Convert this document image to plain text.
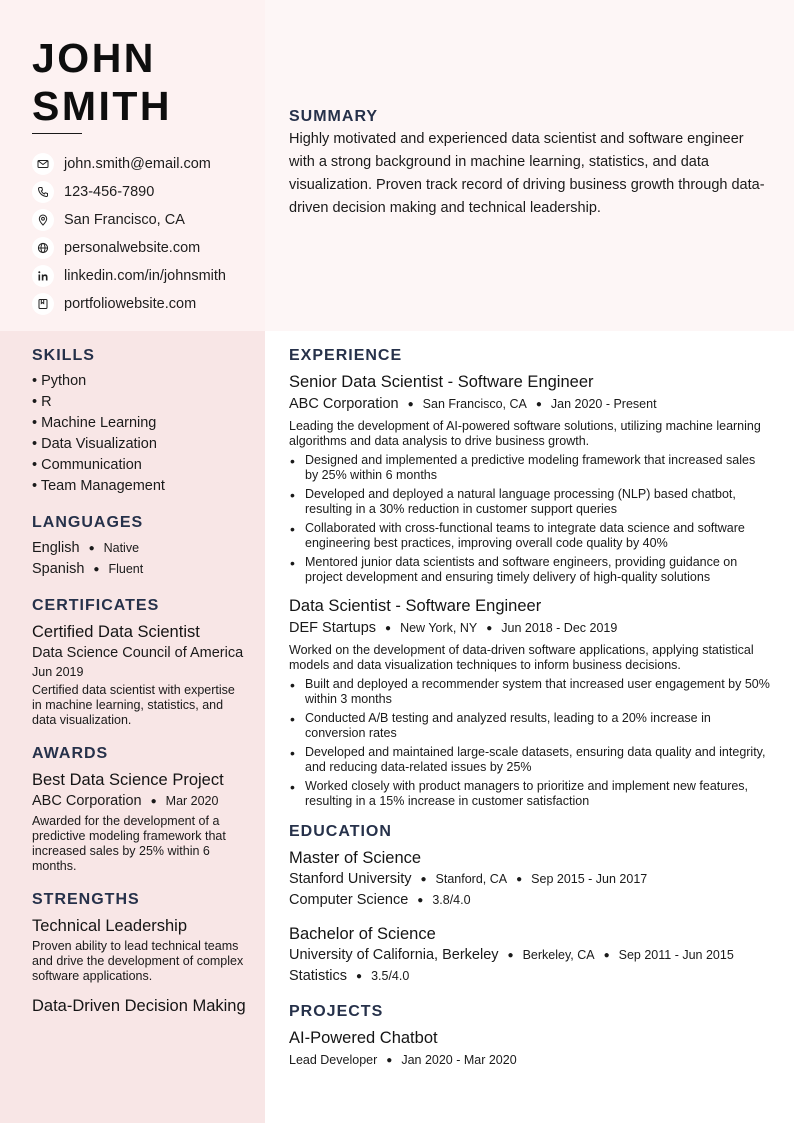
JOHN
SMITH
john.smith@email.com
123-456-7890
San Francisco, CA
personalwebsite.com
linkedin.com/in/johnsmith
portfoliowebsite.com
SUMMARY

Highly motivated and experienced data scientist and software engineer with a strong background in machine learning, statistics, and data visualization. Proven track record of driving business growth through data-driven decision making and technical leadership.

SKILLS
• Python
• R
• Machine Learning
• Data Visualization
• Communication
• Team Management
LANGUAGES
English ● Native
Spanish ● Fluent
CERTIFICATES
Certified Data Scientist
Data Science Council of America
Jun 2019
Certified data scientist with expertise in machine learning, statistics, and data visualization.
AWARDS
Best Data Science Project
ABC Corporation ● Mar 2020
Awarded for the development of a predictive modeling framework that increased sales by 25% within 6 months.
STRENGTHS
Technical Leadership
Proven ability to lead technical teams and drive the development of complex software applications.
Data-Driven Decision Making
EXPERIENCE
Senior Data Scientist - Software Engineer
ABC Corporation ● San Francisco, CA ● Jan 2020 - Present
Leading the development of AI-powered software solutions, utilizing machine learning algorithms and data analysis to drive business growth.
• Designed and implemented a predictive modeling framework that increased sales by 25% within 6 months
• Developed and deployed a natural language processing (NLP) based chatbot, resulting in a 30% reduction in customer support queries
• Collaborated with cross-functional teams to integrate data science and software engineering best practices, improving overall code quality by 40%
• Mentored junior data scientists and software engineers, providing guidance on project development and ensuring timely delivery of high-quality solutions
Data Scientist - Software Engineer
DEF Startups ● New York, NY ● Jun 2018 - Dec 2019
Worked on the development of data-driven software applications, applying statistical models and data visualization techniques to inform business decisions.
• Built and deployed a recommender system that increased user engagement by 50% within 3 months
• Conducted A/B testing and analyzed results, leading to a 20% increase in conversion rates
• Developed and maintained large-scale datasets, ensuring data quality and integrity, and reducing data-related issues by 25%
• Worked closely with product managers to prioritize and implement new features, resulting in a 15% increase in customer satisfaction
EDUCATION
Master of Science
Stanford University ● Stanford, CA ● Sep 2015 - Jun 2017
Computer Science ● 3.8/4.0
Bachelor of Science
University of California, Berkeley ● Berkeley, CA ● Sep 2011 - Jun 2015
Statistics ● 3.5/4.0
PROJECTS
AI-Powered Chatbot
Lead Developer ● Jan 2020 - Mar 2020
